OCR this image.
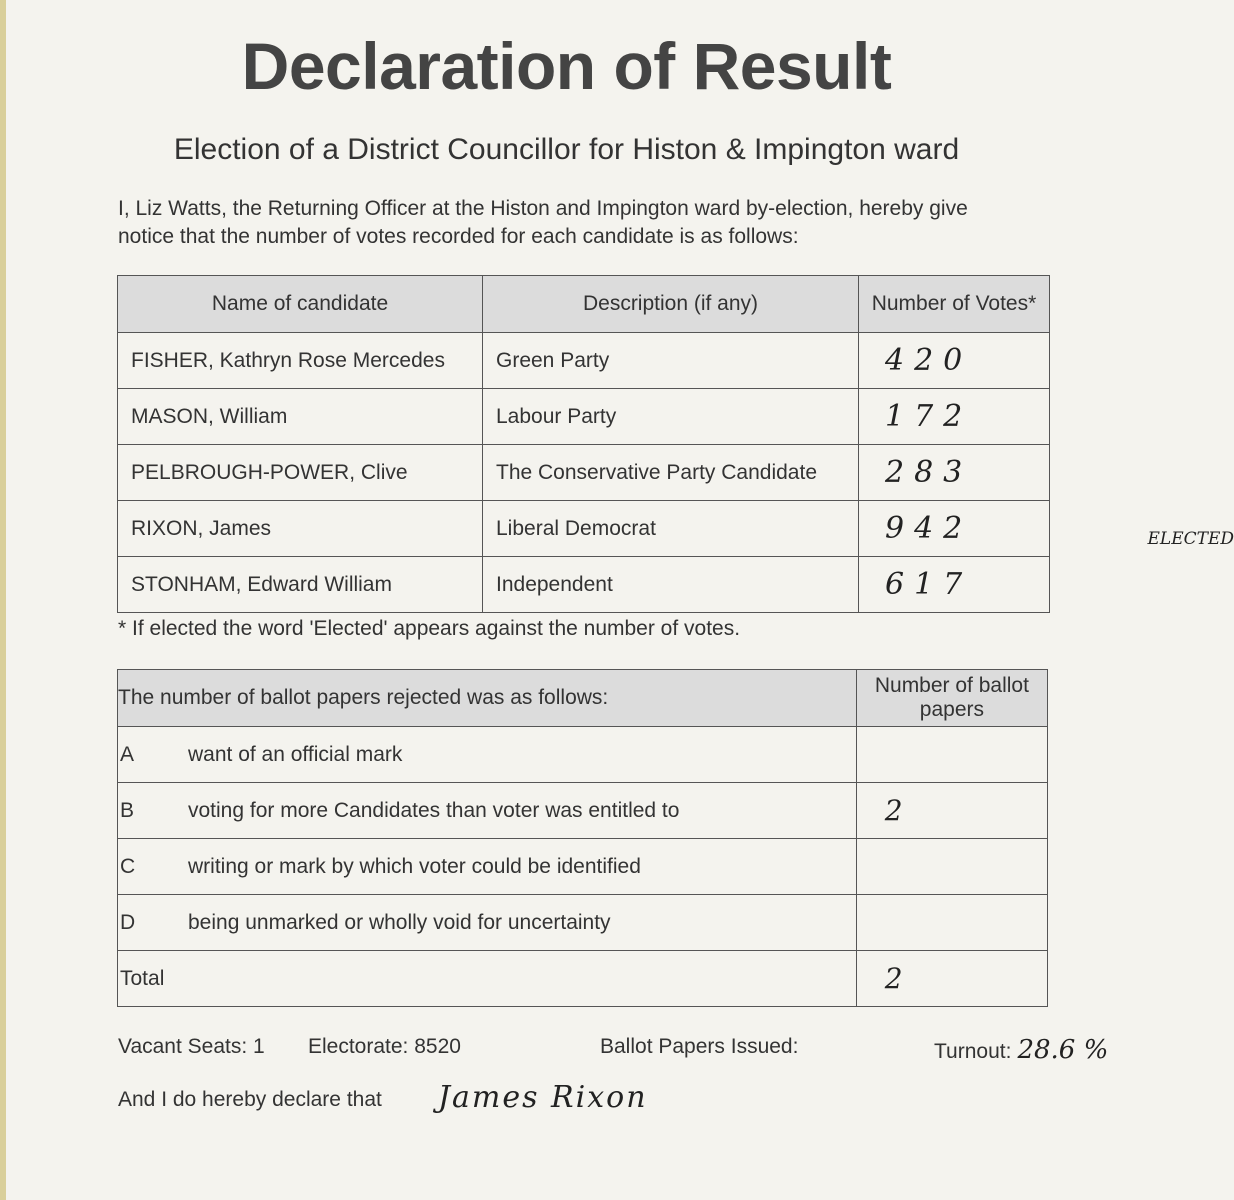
Declaration of Result
Election of a District Councillor for Histon & Impington ward
I, Liz Watts, the Returning Officer at the Histon and Impington ward by-election, hereby give notice that the number of votes recorded for each candidate is as follows:
Name of candidate	Description (if any)	Number of Votes*
FISHER, Kathryn Rose Mercedes	Green Party	420
MASON, William	Labour Party	172
PELBROUGH-POWER, Clive	The Conservative Party Candidate	283
RIXON, James	Liberal Democrat	942 ELECTED

STONHAM, Edward William	Independent	617
* If elected the word 'Elected' appears against the number of votes.
The number of ballot papers rejected was as follows:	Number of ballot papers
A want of an official mark	
B voting for more Candidates than voter was entitled to	2
C writing or mark by which voter could be identified	
D being unmarked or wholly void for uncertainty	
Total	2
Vacant Seats: 1 Electorate: 8520	Ballot Papers Issued:	Turnout: 28.6 %
And I do hereby declare that James Rixon
